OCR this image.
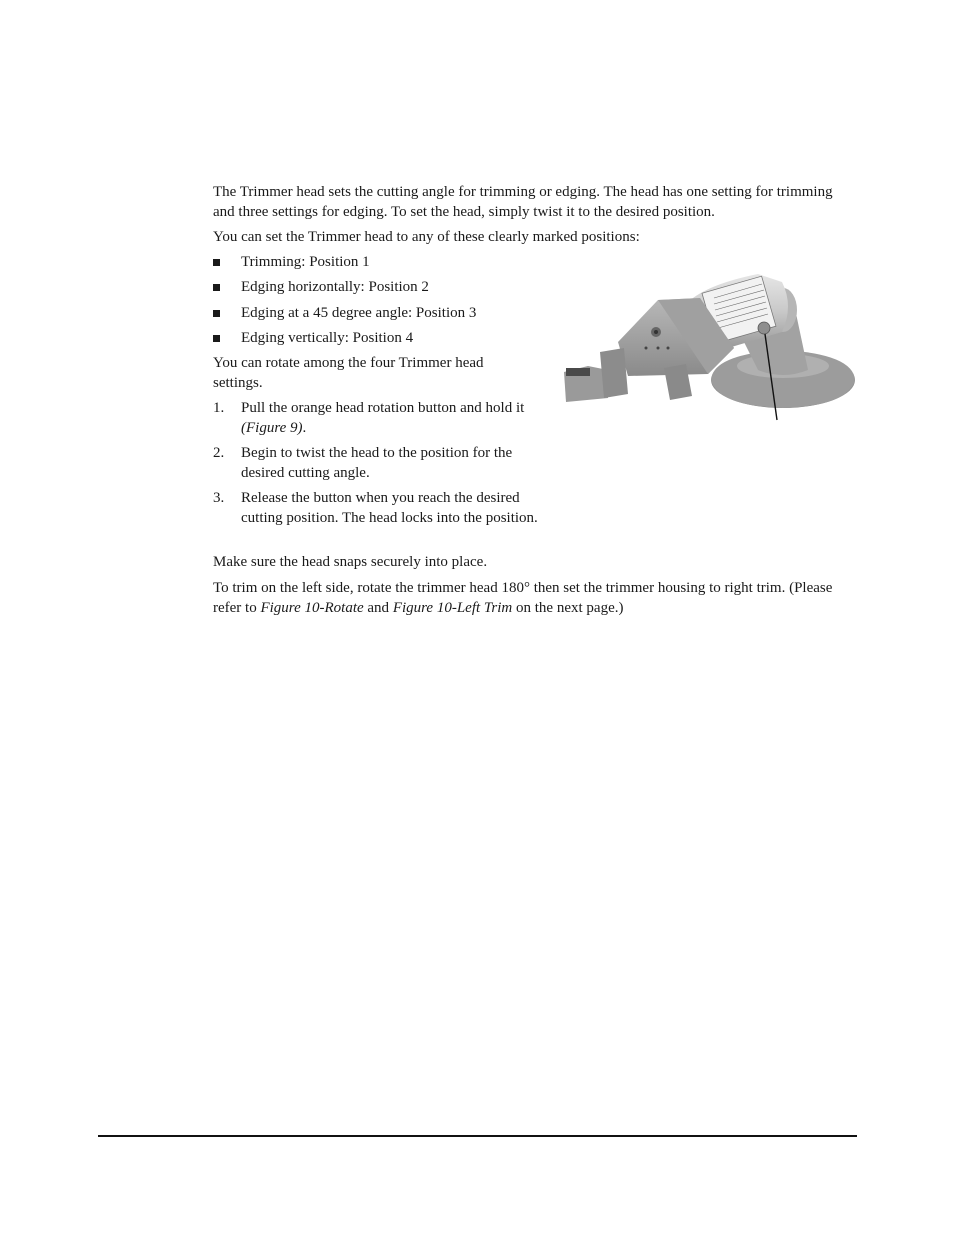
The Trimmer head sets the cutting angle for trimming or edging. The head has one setting for trimming and three settings for edging. To set the head, simply twist it to the desired position.

You can set the Trimmer head to any of these clearly marked positions:

Trimming: Position 1
Edging horizontally: Position 2
Edging at a 45 degree angle: Position 3
Edging vertically: Position 4

You can rotate among the four Trimmer head settings.

1. Pull the orange head rotation button and hold it (Figure 9).
2. Begin to twist the head to the position for the desired cutting angle.
3. Release the button when you reach the desired cutting position. The head locks into the position.

Make sure the head snaps securely into place.

To trim on the left side, rotate the trimmer head 180° then set the trimmer housing to right trim. (Please refer to Figure 10-Rotate and Figure 10-Left Trim on the next page.)
